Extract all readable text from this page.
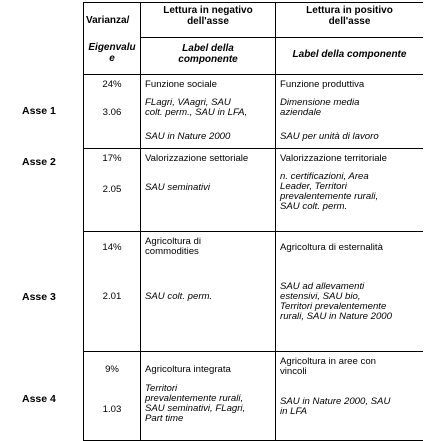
Varianza/
Eigenvalu
e
Lettura in negativo
dell'asse
Lettura in positivo
dell'asse
Label della
componente	Label della componente
Asse 1
24%
3.06
Funzione sociale
FLagri, VAagri, SAU
colt. perm., SAU in LFA,
SAU in Nature 2000
Funzione produttiva
Dimensione media
aziendale
SAU per unità di lavoro
Asse 2	17%
2.05
Valorizzazione settoriale
SAU seminativi
Valorizzazione territoriale
n. certificazioni, Area
Leader, Territori
prevalentemente rurali,
SAU colt. perm.
Asse 3
14%
2.01
Agricoltura di
commodities
SAU colt. perm.
Agricoltura di esternalità
SAU ad allevamenti
estensivi, SAU bio,
Territori prevalentemente
rurali, SAU in Nature 2000
Asse 4
9%
1.03
Agricoltura integrata
Territori
prevalentemente rurali,
SAU seminativi, FLagri,
Part time
Agricoltura in aree con
vincoli
SAU in Nature 2000, SAU
in LFA
